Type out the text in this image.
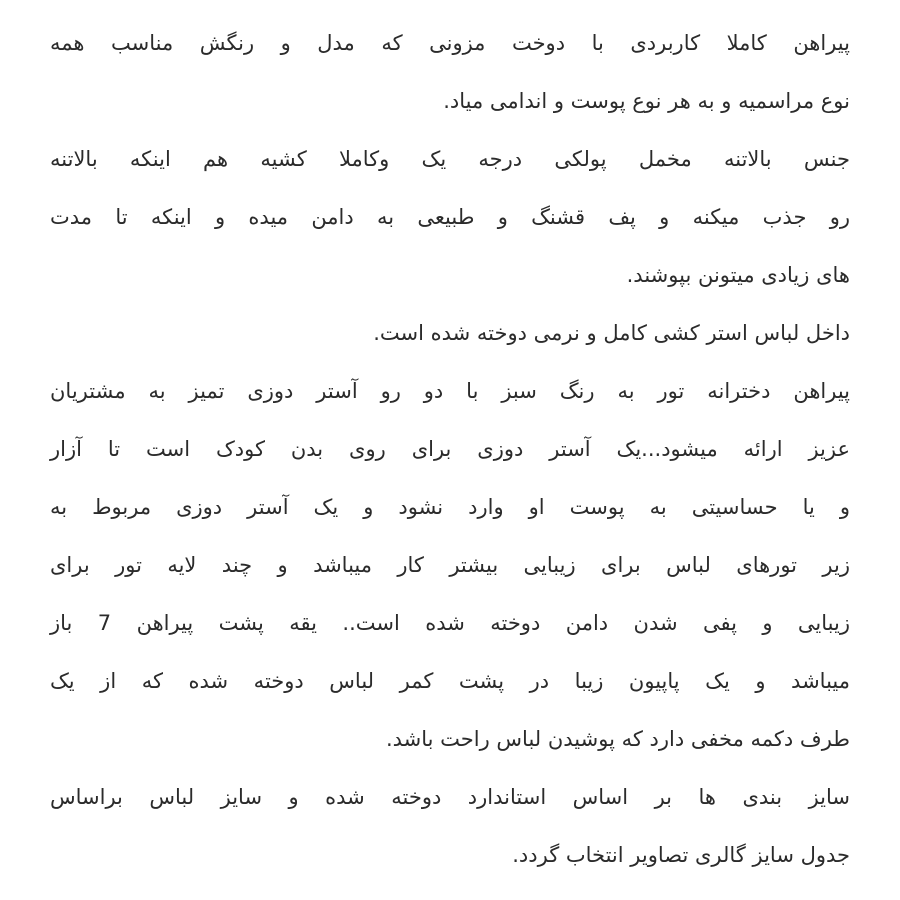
پیراهن کاملا کاربردی با دوخت مزونی که مدل و رنگش مناسب همه
نوع مراسمیه و به هر نوع پوست و اندامی میاد.
جنس بالاتنه مخمل پولکی درجه یک وکاملا کشیه هم اینکه بالاتنه
رو جذب میکنه و پف قشنگ و طبیعی به دامن میده و اینکه تا مدت
های زیادی میتونن بپوشند.
داخل لباس استر کشی کامل و نرمی دوخته شده است.
پیراهن دخترانه تور به رنگ سبز با دو رو آستر دوزی تمیز به مشتریان
عزیز ارائه میشود...یک آستر دوزی برای روی بدن کودک است تا آزار
و یا حساسیتی به پوست او وارد نشود و یک آستر دوزی مربوط به
زیر تورهای لباس برای زیبایی بیشتر کار میباشد و چند لایه تور برای
زیبایی و پفی شدن دامن دوخته شده است.. یقه پشت پیراهن 7 باز
میباشد و یک پاپیون زیبا در پشت کمر لباس دوخته شده که از یک
طرف دکمه مخفی دارد که پوشیدن لباس راحت باشد.
سایز بندی ها بر اساس استاندارد دوخته شده و سایز لباس براساس
جدول سایز گالری تصاویر انتخاب گردد.
